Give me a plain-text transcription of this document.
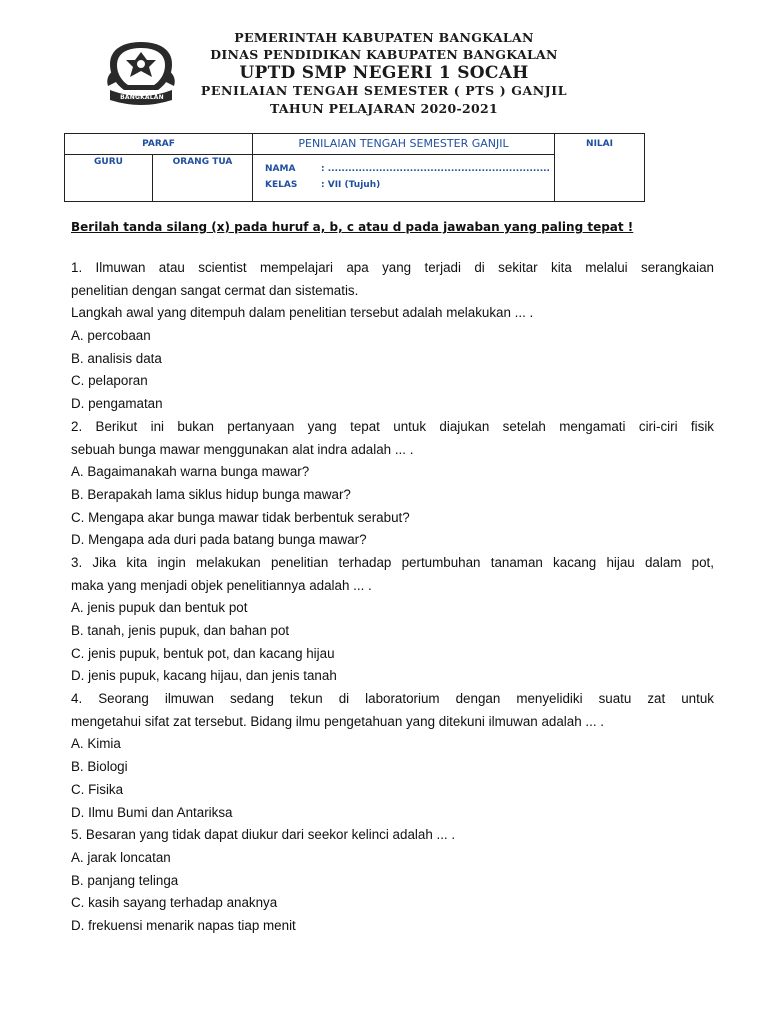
BANGKALAN
PEMERINTAH KABUPATEN BANGKALAN
DINAS PENDIDIKAN KABUPATEN BANGKALAN
UPTD SMP NEGERI 1 SOCAH
PENILAIAN TENGAH SEMESTER ( PTS ) GANJIL
TAHUN PELAJARAN 2020-2021
PARAF		PENILAIAN TENGAH SEMESTER GANJIL	NILAI
GURU	ORANG TUA	NAMA : .................................................................
KELAS : VII (Tujuh)	
Berilah tanda silang (x) pada huruf a, b, c atau d pada jawaban yang paling tepat !
1. Ilmuwan atau scientist mempelajari apa yang terjadi di sekitar kita melalui serangkaian
penelitian dengan sangat cermat dan sistematis.
Langkah awal yang ditempuh dalam penelitian tersebut adalah melakukan ... .
A. percobaan
B. analisis data
C. pelaporan
D. pengamatan
2. Berikut ini bukan pertanyaan yang tepat untuk diajukan setelah mengamati ciri-ciri fisik
sebuah bunga mawar menggunakan alat indra adalah ... .
A. Bagaimanakah warna bunga mawar?
B. Berapakah lama siklus hidup bunga mawar?
C. Mengapa akar bunga mawar tidak berbentuk serabut?
D. Mengapa ada duri pada batang bunga mawar?
3. Jika kita ingin melakukan penelitian terhadap pertumbuhan tanaman kacang hijau dalam pot,
maka yang menjadi objek penelitiannya adalah ... .
A. jenis pupuk dan bentuk pot
B. tanah, jenis pupuk, dan bahan pot
C. jenis pupuk, bentuk pot, dan kacang hijau
D. jenis pupuk, kacang hijau, dan jenis tanah
4. Seorang ilmuwan sedang tekun di laboratorium dengan menyelidiki suatu zat untuk
mengetahui sifat zat tersebut. Bidang ilmu pengetahuan yang ditekuni ilmuwan adalah ... .
A. Kimia
B. Biologi
C. Fisika
D. Ilmu Bumi dan Antariksa
5. Besaran yang tidak dapat diukur dari seekor kelinci adalah ... .
A. jarak loncatan
B. panjang telinga
C. kasih sayang terhadap anaknya
D. frekuensi menarik napas tiap menit
